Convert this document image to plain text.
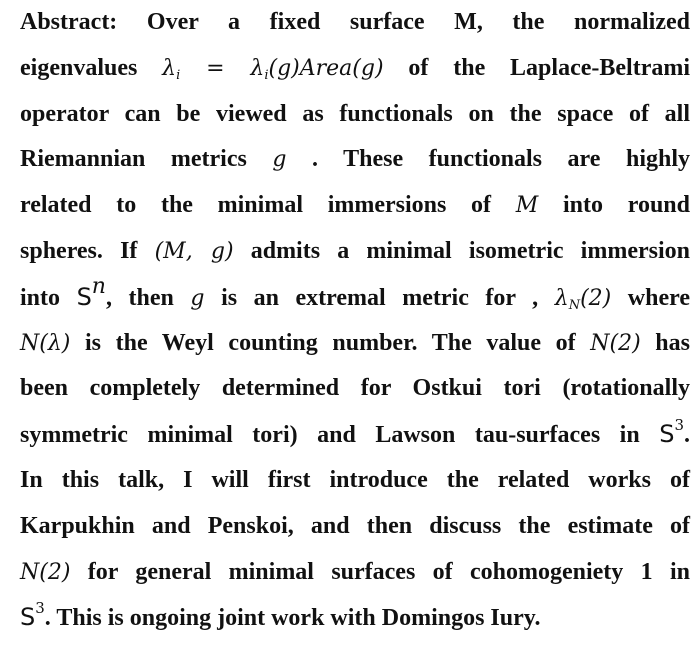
Abstract: Over a fixed surface M, the normalized
eigenvalues $\lambda_i$ = $\lambda_i(g)Area(g)$ of the Laplace-Beltrami
operator can be viewed as functionals on the space of all
Riemannian metrics g . These functionals are highly
related to the minimal immersions of M into round
spheres. If (M, g) admits a minimal isometric immersion
into $S^n$, then g is an extremal metric for , $\lambda_N(2)$ where
N(λ) is the Weyl counting number. The value of N(2) has
been completely determined for Ostkui tori (rotationally
symmetric minimal tori) and Lawson tau-surfaces in $S^3$.
In this talk, I will first introduce the related works of
Karpukhin and Penskoi, and then discuss the estimate of
N(2) for general minimal surfaces of cohomogeniety 1 in
$S^3$. This is ongoing joint work with Domingos Iury.
